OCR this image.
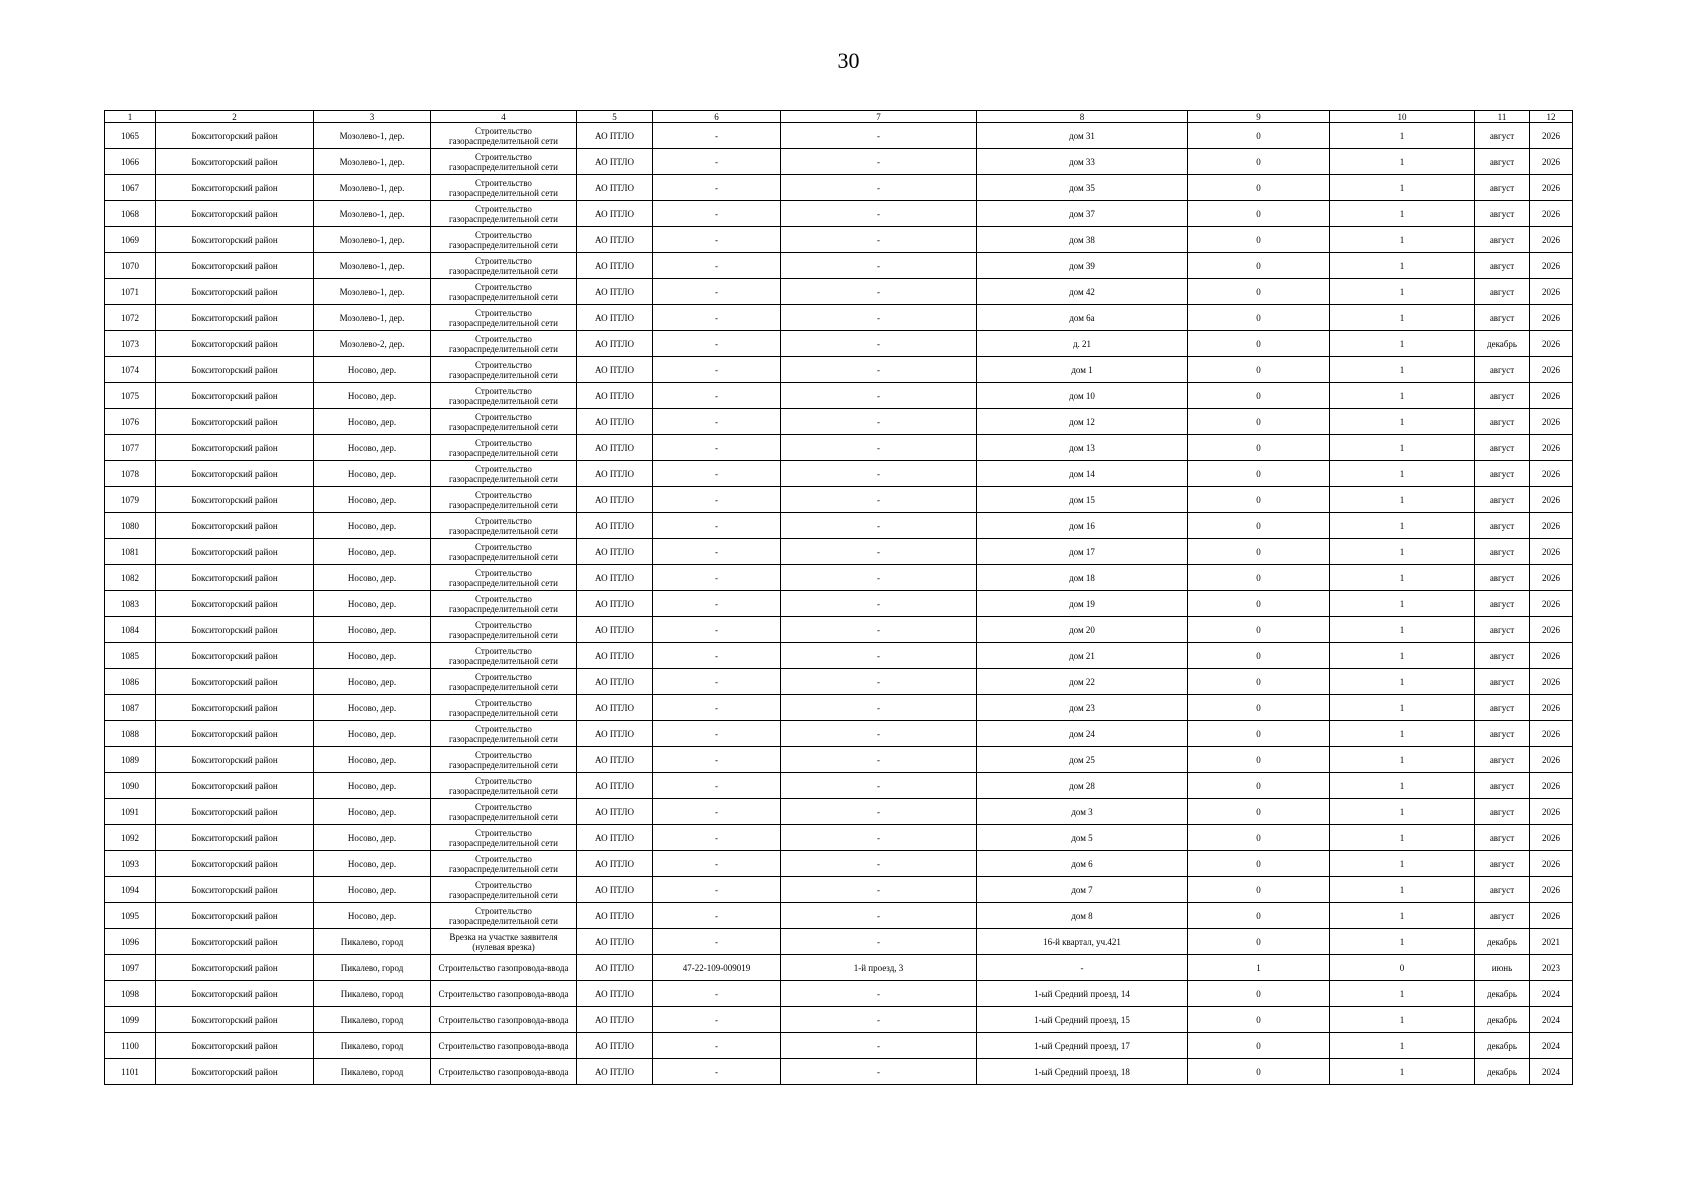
30
1	2	3	4	5	6	7	8	9	10	11	12
1065	Бокситогорский район	Мозолево-1, дер.	Строительство газораспределительной сети	АО ПТЛО	-	-	дом 31	0	1	август	2026
1066	Бокситогорский район	Мозолево-1, дер.	Строительство газораспределительной сети	АО ПТЛО	-	-	дом 33	0	1	август	2026
1067	Бокситогорский район	Мозолево-1, дер.	Строительство газораспределительной сети	АО ПТЛО	-	-	дом 35	0	1	август	2026
1068	Бокситогорский район	Мозолево-1, дер.	Строительство газораспределительной сети	АО ПТЛО	-	-	дом 37	0	1	август	2026
1069	Бокситогорский район	Мозолево-1, дер.	Строительство газораспределительной сети	АО ПТЛО	-	-	дом 38	0	1	август	2026
1070	Бокситогорский район	Мозолево-1, дер.	Строительство газораспределительной сети	АО ПТЛО	-	-	дом 39	0	1	август	2026
1071	Бокситогорский район	Мозолево-1, дер.	Строительство газораспределительной сети	АО ПТЛО	-	-	дом 42	0	1	август	2026
1072	Бокситогорский район	Мозолево-1, дер.	Строительство газораспределительной сети	АО ПТЛО	-	-	дом 6а	0	1	август	2026
1073	Бокситогорский район	Мозолево-2, дер.	Строительство газораспределительной сети	АО ПТЛО	-	-	д. 21	0	1	декабрь	2026
1074	Бокситогорский район	Носово, дер.	Строительство газораспределительной сети	АО ПТЛО	-	-	дом 1	0	1	август	2026
1075	Бокситогорский район	Носово, дер.	Строительство газораспределительной сети	АО ПТЛО	-	-	дом 10	0	1	август	2026
1076	Бокситогорский район	Носово, дер.	Строительство газораспределительной сети	АО ПТЛО	-	-	дом 12	0	1	август	2026
1077	Бокситогорский район	Носово, дер.	Строительство газораспределительной сети	АО ПТЛО	-	-	дом 13	0	1	август	2026
1078	Бокситогорский район	Носово, дер.	Строительство газораспределительной сети	АО ПТЛО	-	-	дом 14	0	1	август	2026
1079	Бокситогорский район	Носово, дер.	Строительство газораспределительной сети	АО ПТЛО	-	-	дом 15	0	1	август	2026
1080	Бокситогорский район	Носово, дер.	Строительство газораспределительной сети	АО ПТЛО	-	-	дом 16	0	1	август	2026
1081	Бокситогорский район	Носово, дер.	Строительство газораспределительной сети	АО ПТЛО	-	-	дом 17	0	1	август	2026
1082	Бокситогорский район	Носово, дер.	Строительство газораспределительной сети	АО ПТЛО	-	-	дом 18	0	1	август	2026
1083	Бокситогорский район	Носово, дер.	Строительство газораспределительной сети	АО ПТЛО	-	-	дом 19	0	1	август	2026
1084	Бокситогорский район	Носово, дер.	Строительство газораспределительной сети	АО ПТЛО	-	-	дом 20	0	1	август	2026
1085	Бокситогорский район	Носово, дер.	Строительство газораспределительной сети	АО ПТЛО	-	-	дом 21	0	1	август	2026
1086	Бокситогорский район	Носово, дер.	Строительство газораспределительной сети	АО ПТЛО	-	-	дом 22	0	1	август	2026
1087	Бокситогорский район	Носово, дер.	Строительство газораспределительной сети	АО ПТЛО	-	-	дом 23	0	1	август	2026
1088	Бокситогорский район	Носово, дер.	Строительство газораспределительной сети	АО ПТЛО	-	-	дом 24	0	1	август	2026
1089	Бокситогорский район	Носово, дер.	Строительство газораспределительной сети	АО ПТЛО	-	-	дом 25	0	1	август	2026
1090	Бокситогорский район	Носово, дер.	Строительство газораспределительной сети	АО ПТЛО	-	-	дом 28	0	1	август	2026
1091	Бокситогорский район	Носово, дер.	Строительство газораспределительной сети	АО ПТЛО	-	-	дом 3	0	1	август	2026
1092	Бокситогорский район	Носово, дер.	Строительство газораспределительной сети	АО ПТЛО	-	-	дом 5	0	1	август	2026
1093	Бокситогорский район	Носово, дер.	Строительство газораспределительной сети	АО ПТЛО	-	-	дом 6	0	1	август	2026
1094	Бокситогорский район	Носово, дер.	Строительство газораспределительной сети	АО ПТЛО	-	-	дом 7	0	1	август	2026
1095	Бокситогорский район	Носово, дер.	Строительство газораспределительной сети	АО ПТЛО	-	-	дом 8	0	1	август	2026
1096	Бокситогорский район	Пикалево, город	Врезка на участке заявителя (нулевая врезка)	АО ПТЛО	-	-	16-й квартал, уч.421	0	1	декабрь	2021
1097	Бокситогорский район	Пикалево, город	Строительство газопровода-ввода	АО ПТЛО	47-22-109-009019	1-й проезд, 3	-	1	0	июнь	2023
1098	Бокситогорский район	Пикалево, город	Строительство газопровода-ввода	АО ПТЛО	-	-	1-ый Средний проезд, 14	0	1	декабрь	2024
1099	Бокситогорский район	Пикалево, город	Строительство газопровода-ввода	АО ПТЛО	-	-	1-ый Средний проезд, 15	0	1	декабрь	2024
1100	Бокситогорский район	Пикалево, город	Строительство газопровода-ввода	АО ПТЛО	-	-	1-ый Средний проезд, 17	0	1	декабрь	2024
1101	Бокситогорский район	Пикалево, город	Строительство газопровода-ввода	АО ПТЛО	-	-	1-ый Средний проезд, 18	0	1	декабрь	2024
